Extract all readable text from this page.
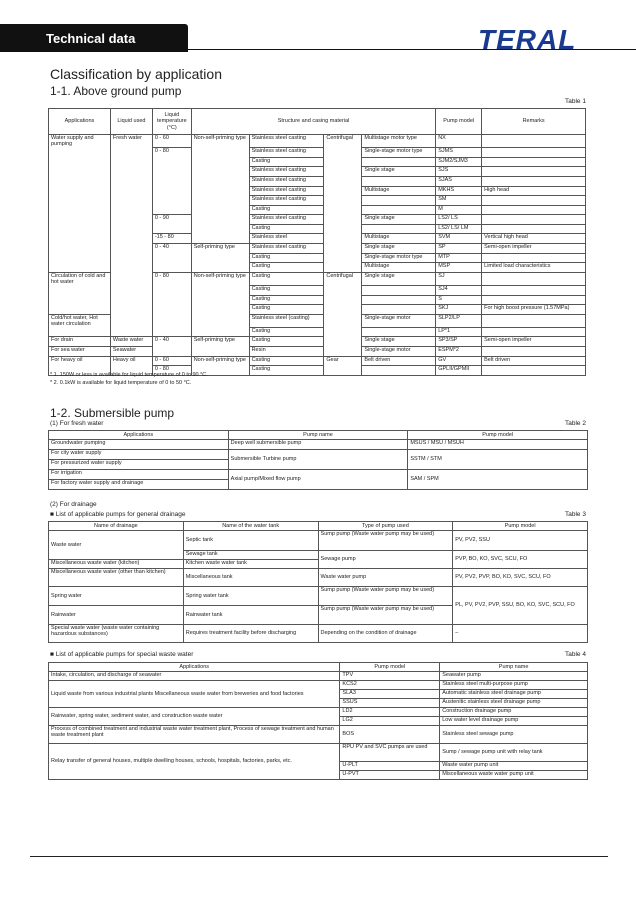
Technical data	TERAL
Classification by application
1-1. Above ground pump
Table 1
Applications	Liquid used	Liquid temperature (°C)	Structure and casing material	Pump model	Remarks
Water supply and pumping	Fresh water	0 - 60	Non-self-priming type	Stainless steel casting	Centrifugal	Multistage motor type	NX	
		0 - 80		Stainless steel casting		Single-stage motor type	SJMS	
				Casting			SJM2/SJM3	
				Stainless steel casting		Single stage	SJS	
				Stainless steel casting			SJAS	
				Stainless steel casting		Multistage	MKHS	High head
				Stainless steel casting			SM	
				Casting			M	
		0 - 90		Stainless steel casting		Single stage	LS2/ LS	
				Casting			LS2/ LS/ LM	
		-15 - 80		Stainless steel		Multistage	SVM	Vertical high head
		0 - 40	Self-priming type	Stainless steel casting		Single stage	SP	Semi-open impeller
				Casting		Single-stage motor type	MTP	
				Casting		Multistage	MSP	Limited load characteristics
Circulation of cold and hot water		0 - 80	Non-self-priming type	Casting	Centrifugal	Single stage	SJ	
				Casting			SJ4	
				Casting			S	
				Casting			SKJ	For high boost pressure (1.57MPa)
Cold/hot water, Hot water circulation				Stainless steel (casting)		Single-stage motor	SLP2/LP	
				Casting			LP*1	
For drain	Waste water	0 - 40	Self-priming type	Casting		Single stage	SP3/SP	Semi-open impeller
For sea water	Seawater			Resin		Single-stage motor	ESPM*2	
For heavy oil	Heavy oil	0 - 60	Non-self-priming type	Casting	Gear	Belt driven	GV	Belt driven
		0 - 80		Casting			GPLII/GPMII	
* 1. 150W or less is available for liquid temperature of 0 to 90 °C.
* 2. 0.1kW is available for liquid temperature of 0 to 50 °C.
1-2. Submersible pump
(1) For fresh water	Table 2
Applications	Pump name	Pump model
Groundwater pumping	Deep well submersible pump	MSUS / MSU / MSUH
For city water supply	Submersible Turbine pump	SSTM / STM
For pressurized water supply		
For irrigation	Axial pump/Mixed flow pump	SAM / SPM
For factory water supply and drainage		
(2) For drainage
■ List of applicable pumps for general drainage	Table 3
Name of drainage	Name of the water tank	Type of pump used	Pump model
Waste water	Septic tank	Sump pump (Waste water pump may be used)	PV, PV2, SSU
	Sewage tank	Sewage pump	PVP, BO, KO, SVC, SCU, FO
Miscellaneous waste water (kitchen)	Kitchen waste water tank		
Miscellaneous waste water (other than kitchen)	Miscellaneous tank	Waste water pump	PV, PV2, PVP, BO, KO, SVC, SCU, FO
Spring water	Spring water tank	Sump pump (Waste water pump may be used)	PL, PV, PV2, PVP, SSU, BO, KO, SVC, SCU, FO
Rainwater	Rainwater tank	Sump pump (Waste water pump may be used)	
Special waste water (waste water containing hazardous substances)	Requires treatment facility before discharging	Depending on the condition of drainage	–
■ List of applicable pumps for special waste water	Table 4
Applications	Pump model	Pump name
Intake, circulation, and discharge of seawater	TPV	Seawater pump
Liquid waste from various industrial plants Miscellaneous waste water from breweries and food factories	KCS2	Stainless steel multi-purpose pump
	SLA3	Automatic stainless steel drainage pump
	SSUS	Austenitic stainless steel drainage pump
Rainwater, spring water, sediment water, and construction waste water	LD2	Construction drainage pump
	LG2	Low water level drainage pump
Process of combined treatment and industrial waste water treatment plant, Process of sewage treatment and human waste treatment plant	BOS	Stainless steel sewage pump
Relay transfer of general houses, multiple dwelling houses, schools, hospitals, factories, parks, etc.	RPU PV and SVC pumps are used	Sump / sewage pump unit with relay tank
	U-PLT	Waste water pump unit
	U-PVT	Miscellaneous waste water pump unit
